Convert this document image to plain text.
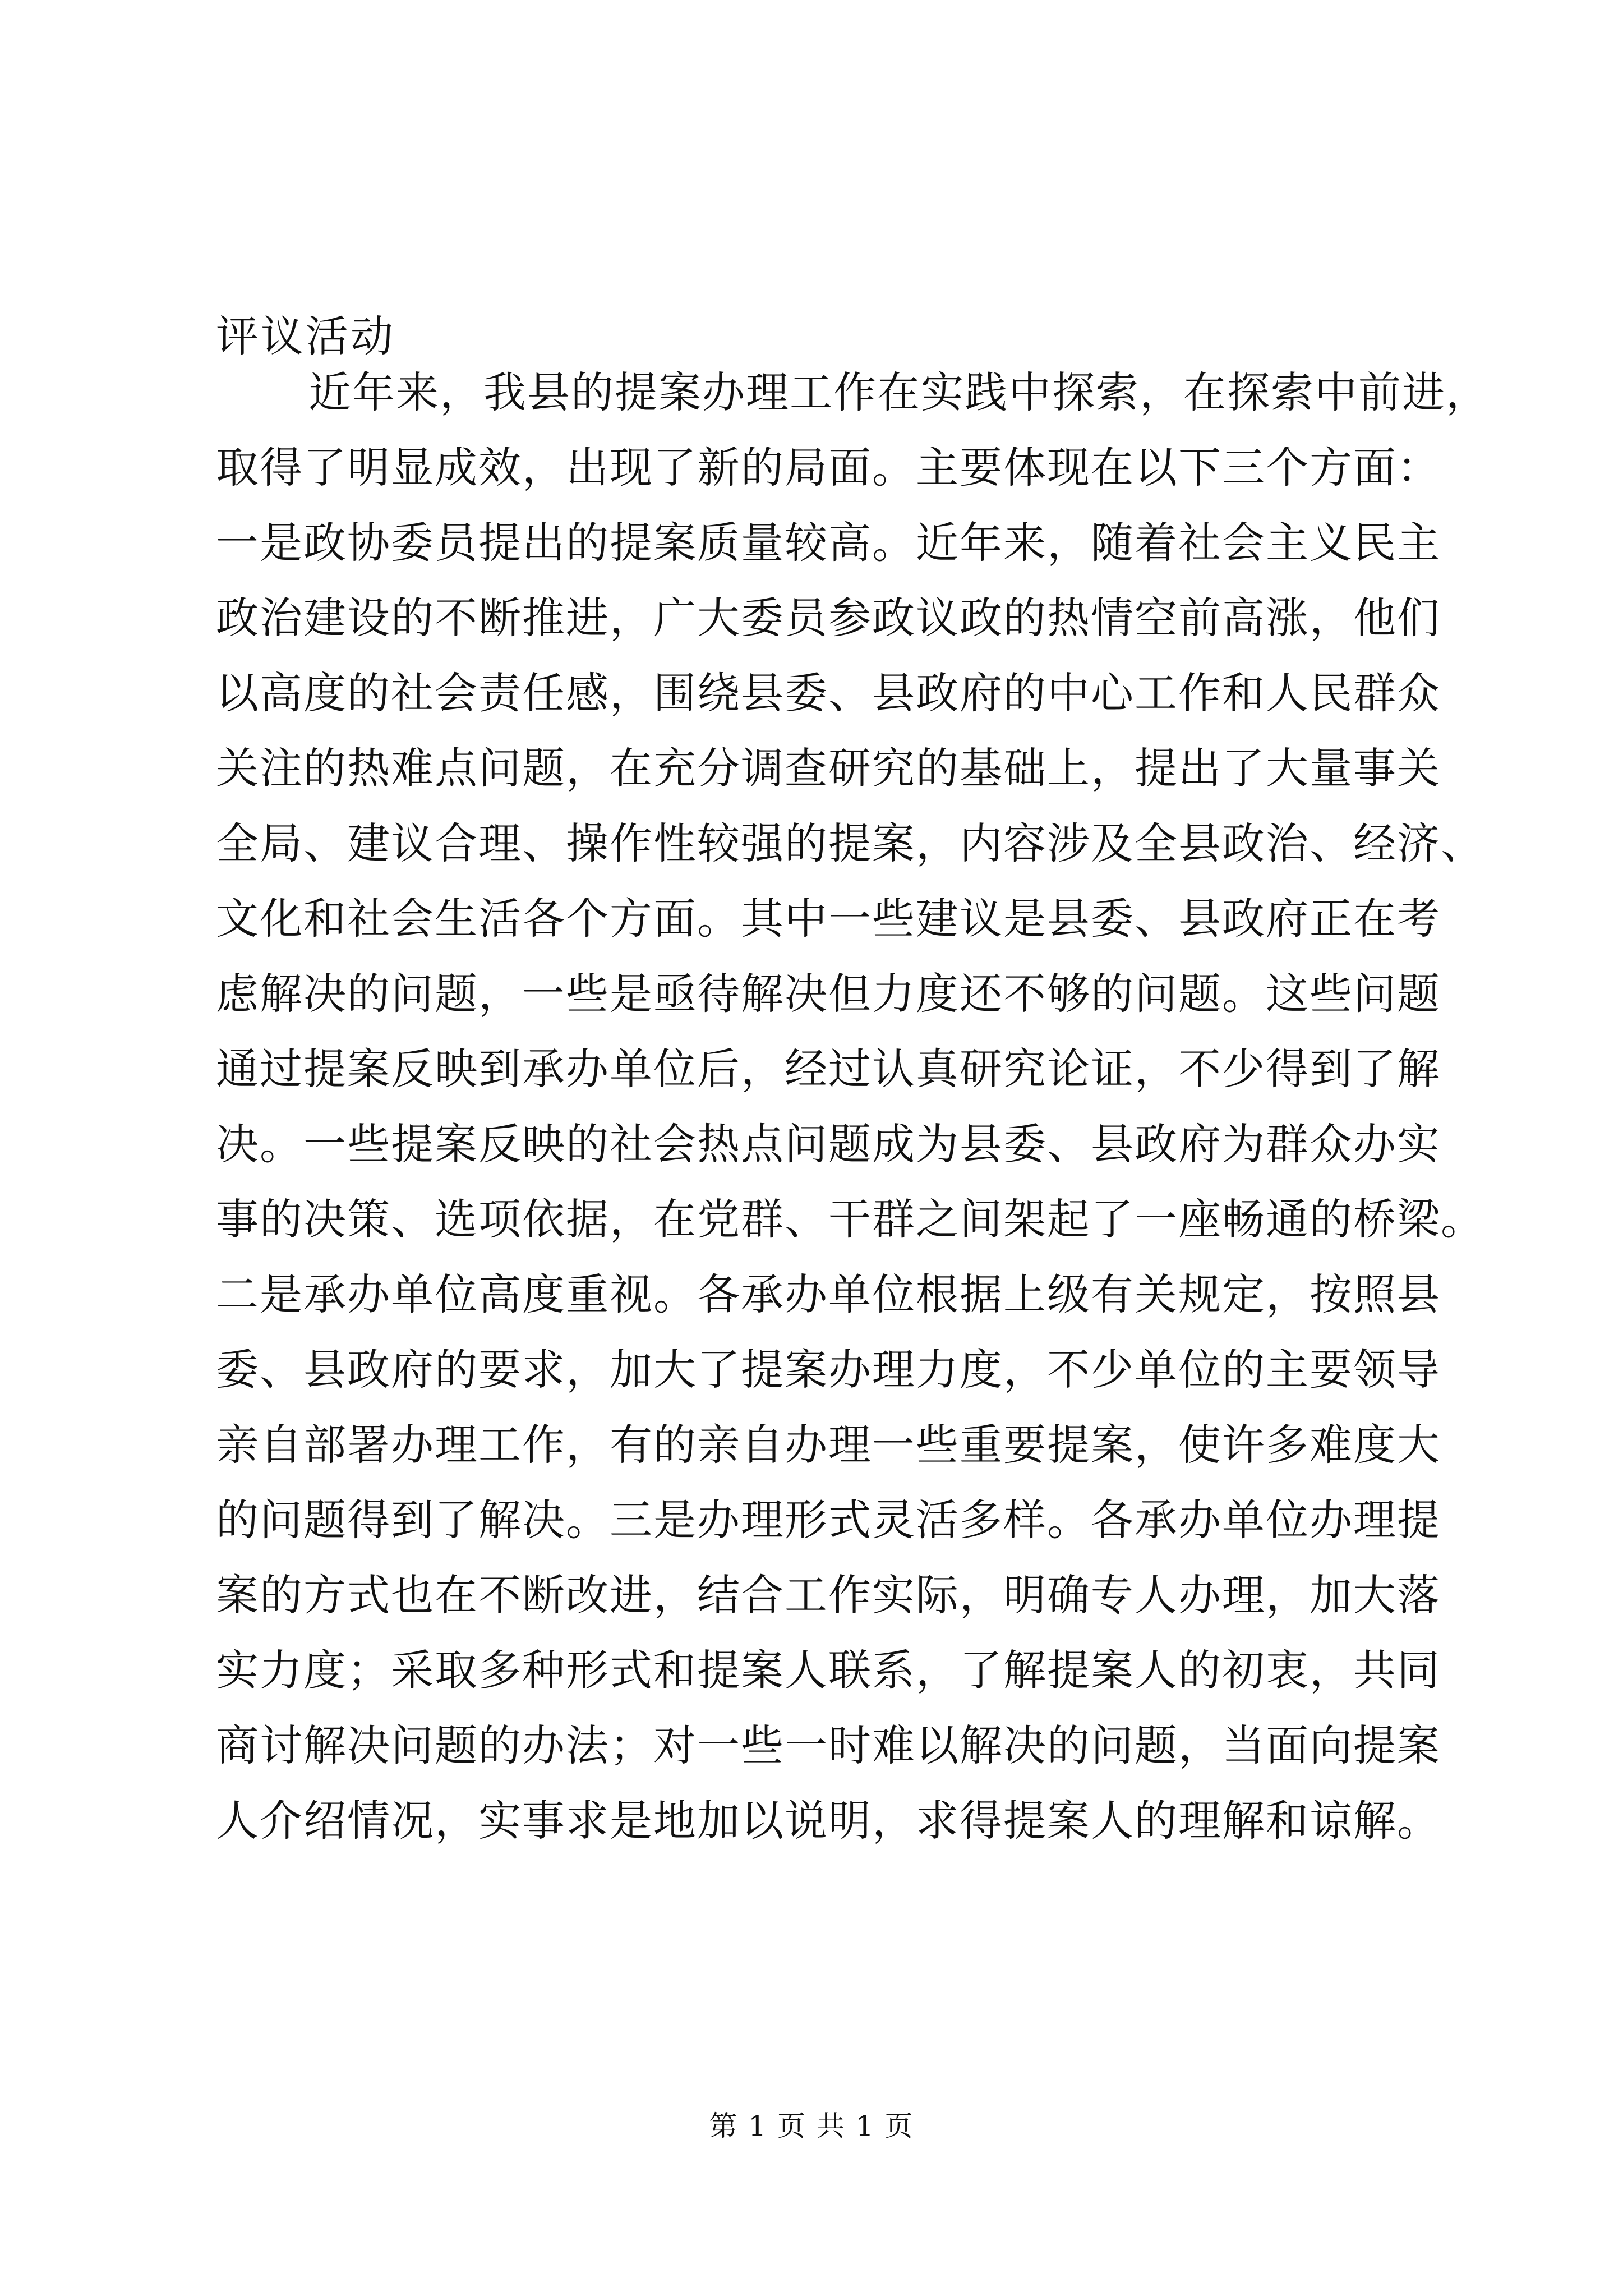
评议活动
近年来，我县的提案办理工作在实践中探索，在探索中前进，
取得了明显成效，出现了新的局面。主要体现在以下三个方面：
一是政协委员提出的提案质量较高。近年来，随着社会主义民主
政治建设的不断推进，广大委员参政议政的热情空前高涨，他们
以高度的社会责任感，围绕县委、县政府的中心工作和人民群众
关注的热难点问题，在充分调查研究的基础上，提出了大量事关
全局、建议合理、操作性较强的提案，内容涉及全县政治、经济、
文化和社会生活各个方面。其中一些建议是县委、县政府正在考
虑解决的问题，一些是亟待解决但力度还不够的问题。这些问题
通过提案反映到承办单位后，经过认真研究论证，不少得到了解
决。一些提案反映的社会热点问题成为县委、县政府为群众办实
事的决策、选项依据，在党群、干群之间架起了一座畅通的桥梁。
二是承办单位高度重视。各承办单位根据上级有关规定，按照县
委、县政府的要求，加大了提案办理力度，不少单位的主要领导
亲自部署办理工作，有的亲自办理一些重要提案，使许多难度大
的问题得到了解决。三是办理形式灵活多样。各承办单位办理提
案的方式也在不断改进，结合工作实际，明确专人办理，加大落
实力度；采取多种形式和提案人联系，了解提案人的初衷，共同
商讨解决问题的办法；对一些一时难以解决的问题，当面向提案
人介绍情况，实事求是地加以说明，求得提案人的理解和谅解。
第 1 页 共 1 页
